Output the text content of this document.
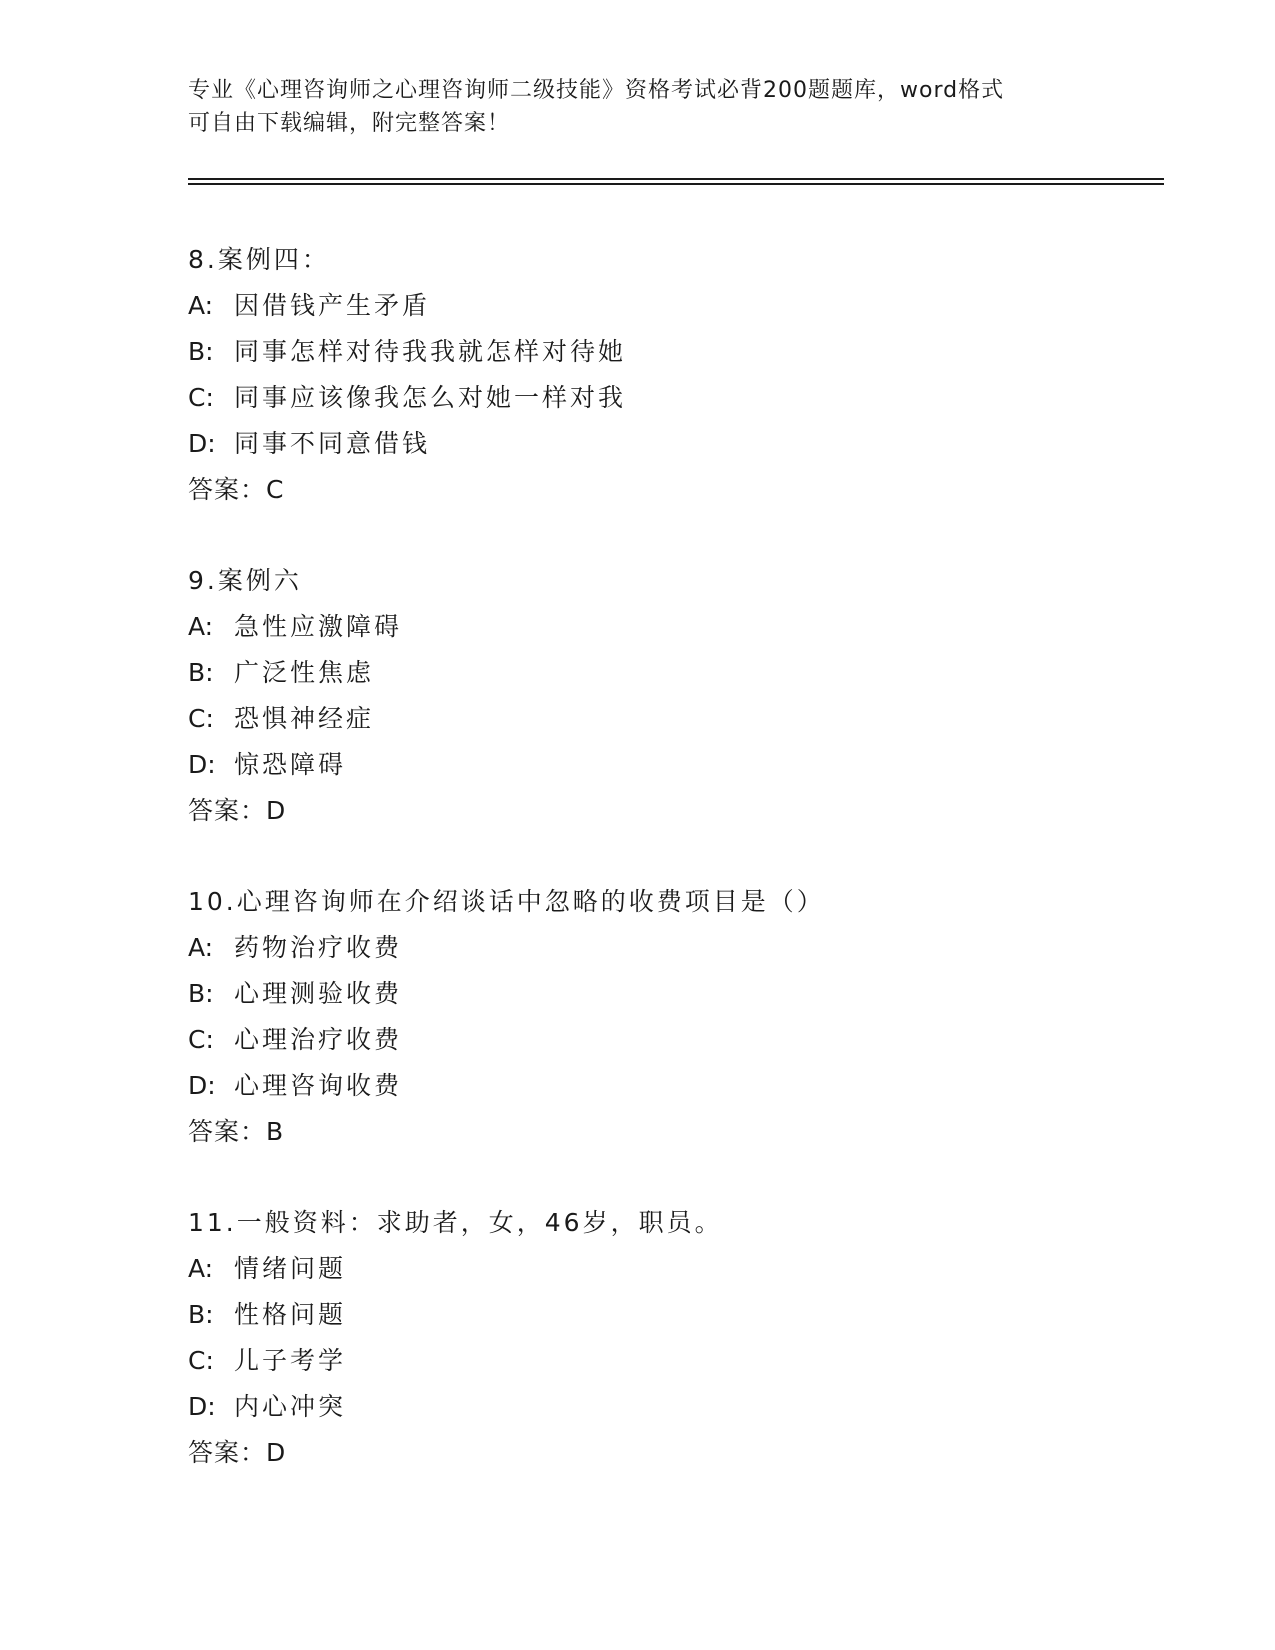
专业《心理咨询师之心理咨询师二级技能》资格考试必背200题题库，word格式
可自由下载编辑，附完整答案！
8.案例四：
A: 因借钱产生矛盾
B: 同事怎样对待我我就怎样对待她
C: 同事应该像我怎么对她一样对我
D: 同事不同意借钱
答案：C
9.案例六
A: 急性应激障碍
B: 广泛性焦虑
C: 恐惧神经症
D: 惊恐障碍
答案：D
10.心理咨询师在介绍谈话中忽略的收费项目是（）
A: 药物治疗收费
B: 心理测验收费
C: 心理治疗收费
D: 心理咨询收费
答案：B
11.一般资料：求助者，女，46岁，职员。
A: 情绪问题
B: 性格问题
C: 儿子考学
D: 内心冲突
答案：D
